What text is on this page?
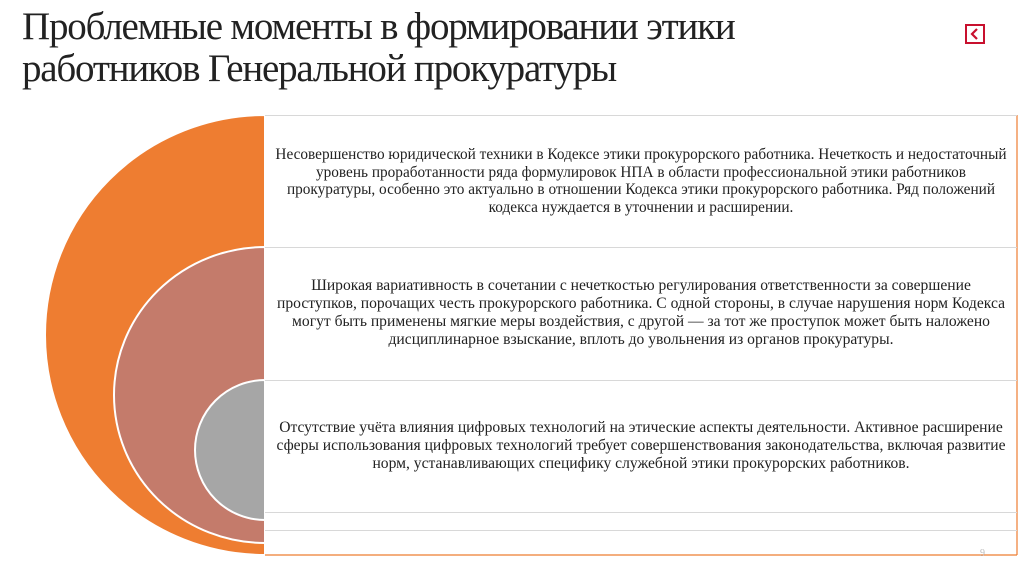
Проблемные моменты в формировании этики
работников Генеральной прокуратуры
Несовершенство юридической техники в Кодексе этики прокурорского работника. Нечеткость и недостаточный уровень проработанности ряда формулировок НПА в области профессиональной этики работников прокуратуры, особенно это актуально в отношении Кодекса этики прокурорского работника. Ряд положений кодекса нуждается в уточнении и расширении.
Широкая вариативность в сочетании с нечеткостью регулирования ответственности за совершение проступков, порочащих честь прокурорского работника. С одной стороны, в случае нарушения норм Кодекса могут быть применены мягкие меры воздействия, с другой — за тот же проступок может быть наложено дисциплинарное взыскание, вплоть до увольнения из органов прокуратуры.
Отсутствие учёта влияния цифровых технологий на этические аспекты деятельности. Активное расширение сферы использования цифровых технологий требует совершенствования законодательства, включая развитие норм, устанавливающих специфику служебной этики прокурорских работников.
9
